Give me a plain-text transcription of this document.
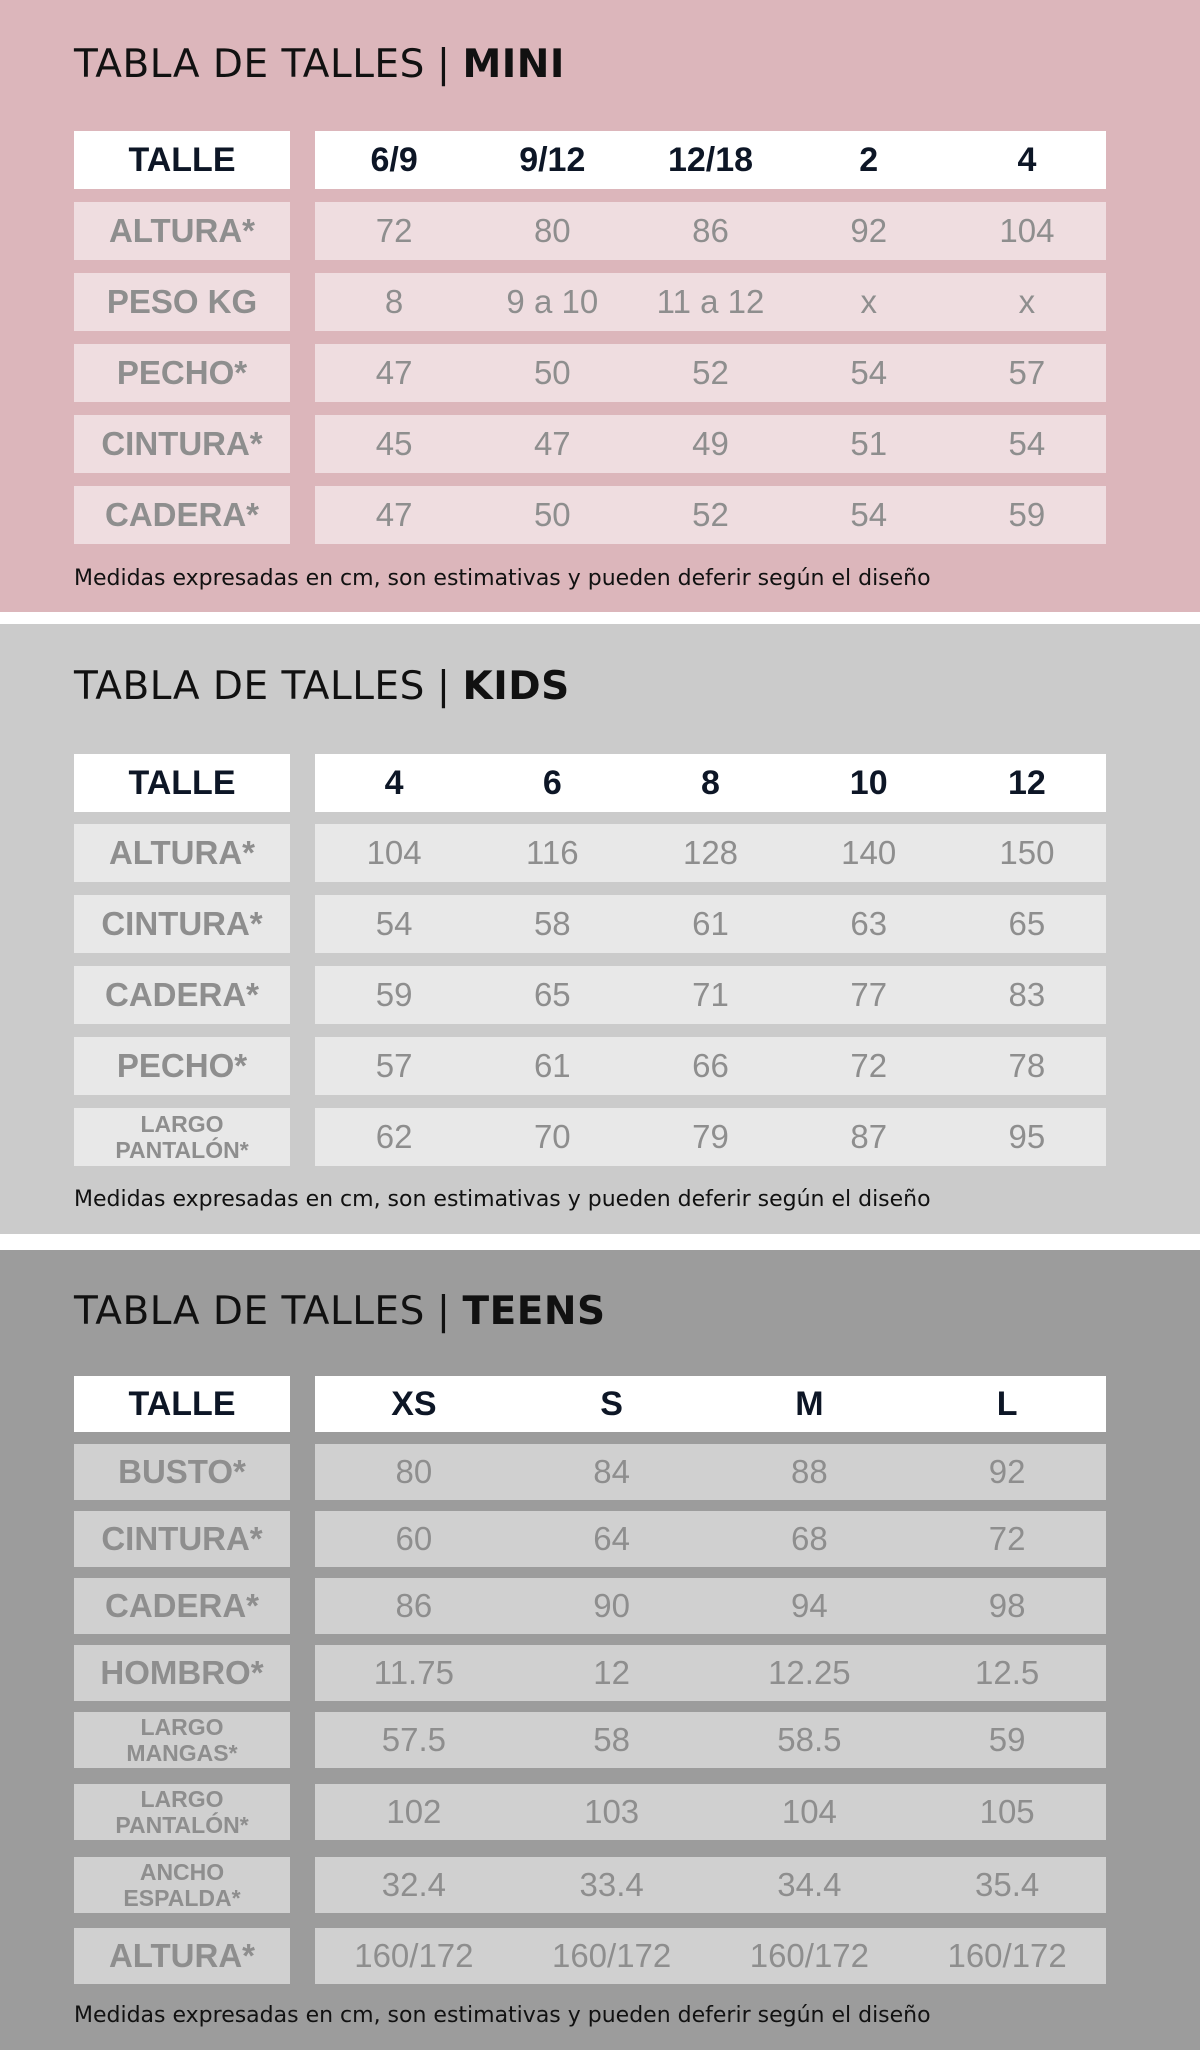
TABLA DE TALLES | MINI
TALLE	6/9	9/12	12/18	2	4
ALTURA*	72	80	86	92	104
PESO KG	8	9 a 10	11 a 12	x	x
PECHO*	47	50	52	54	57
CINTURA*	45	47	49	51	54
CADERA*	47	50	52	54	59

Medidas expresadas en cm, son estimativas y pueden deferir según el diseño

TABLA DE TALLES | KIDS
TALLE	4	6	8	10	12
ALTURA*	104	116	128	140	150
CINTURA*	54	58	61	63	65
CADERA*	59	65	71	77	83
PECHO*	57	61	66	72	78
LARGO
PANTALÓN*	62	70	79	87	95

Medidas expresadas en cm, son estimativas y pueden deferir según el diseño

TABLA DE TALLES | TEENS
TALLE	XS	S	M	L
BUSTO*	80	84	88	92
CINTURA*	60	64	68	72
CADERA*	86	90	94	98
HOMBRO*	11.75	12	12.25	12.5
LARGO
MANGAS*	57.5	58	58.5	59
LARGO
PANTALÓN*	102	103	104	105
ANCHO
ESPALDA*	32.4	33.4	34.4	35.4
ALTURA*	160/172	160/172	160/172	160/172

Medidas expresadas en cm, son estimativas y pueden deferir según el diseño
